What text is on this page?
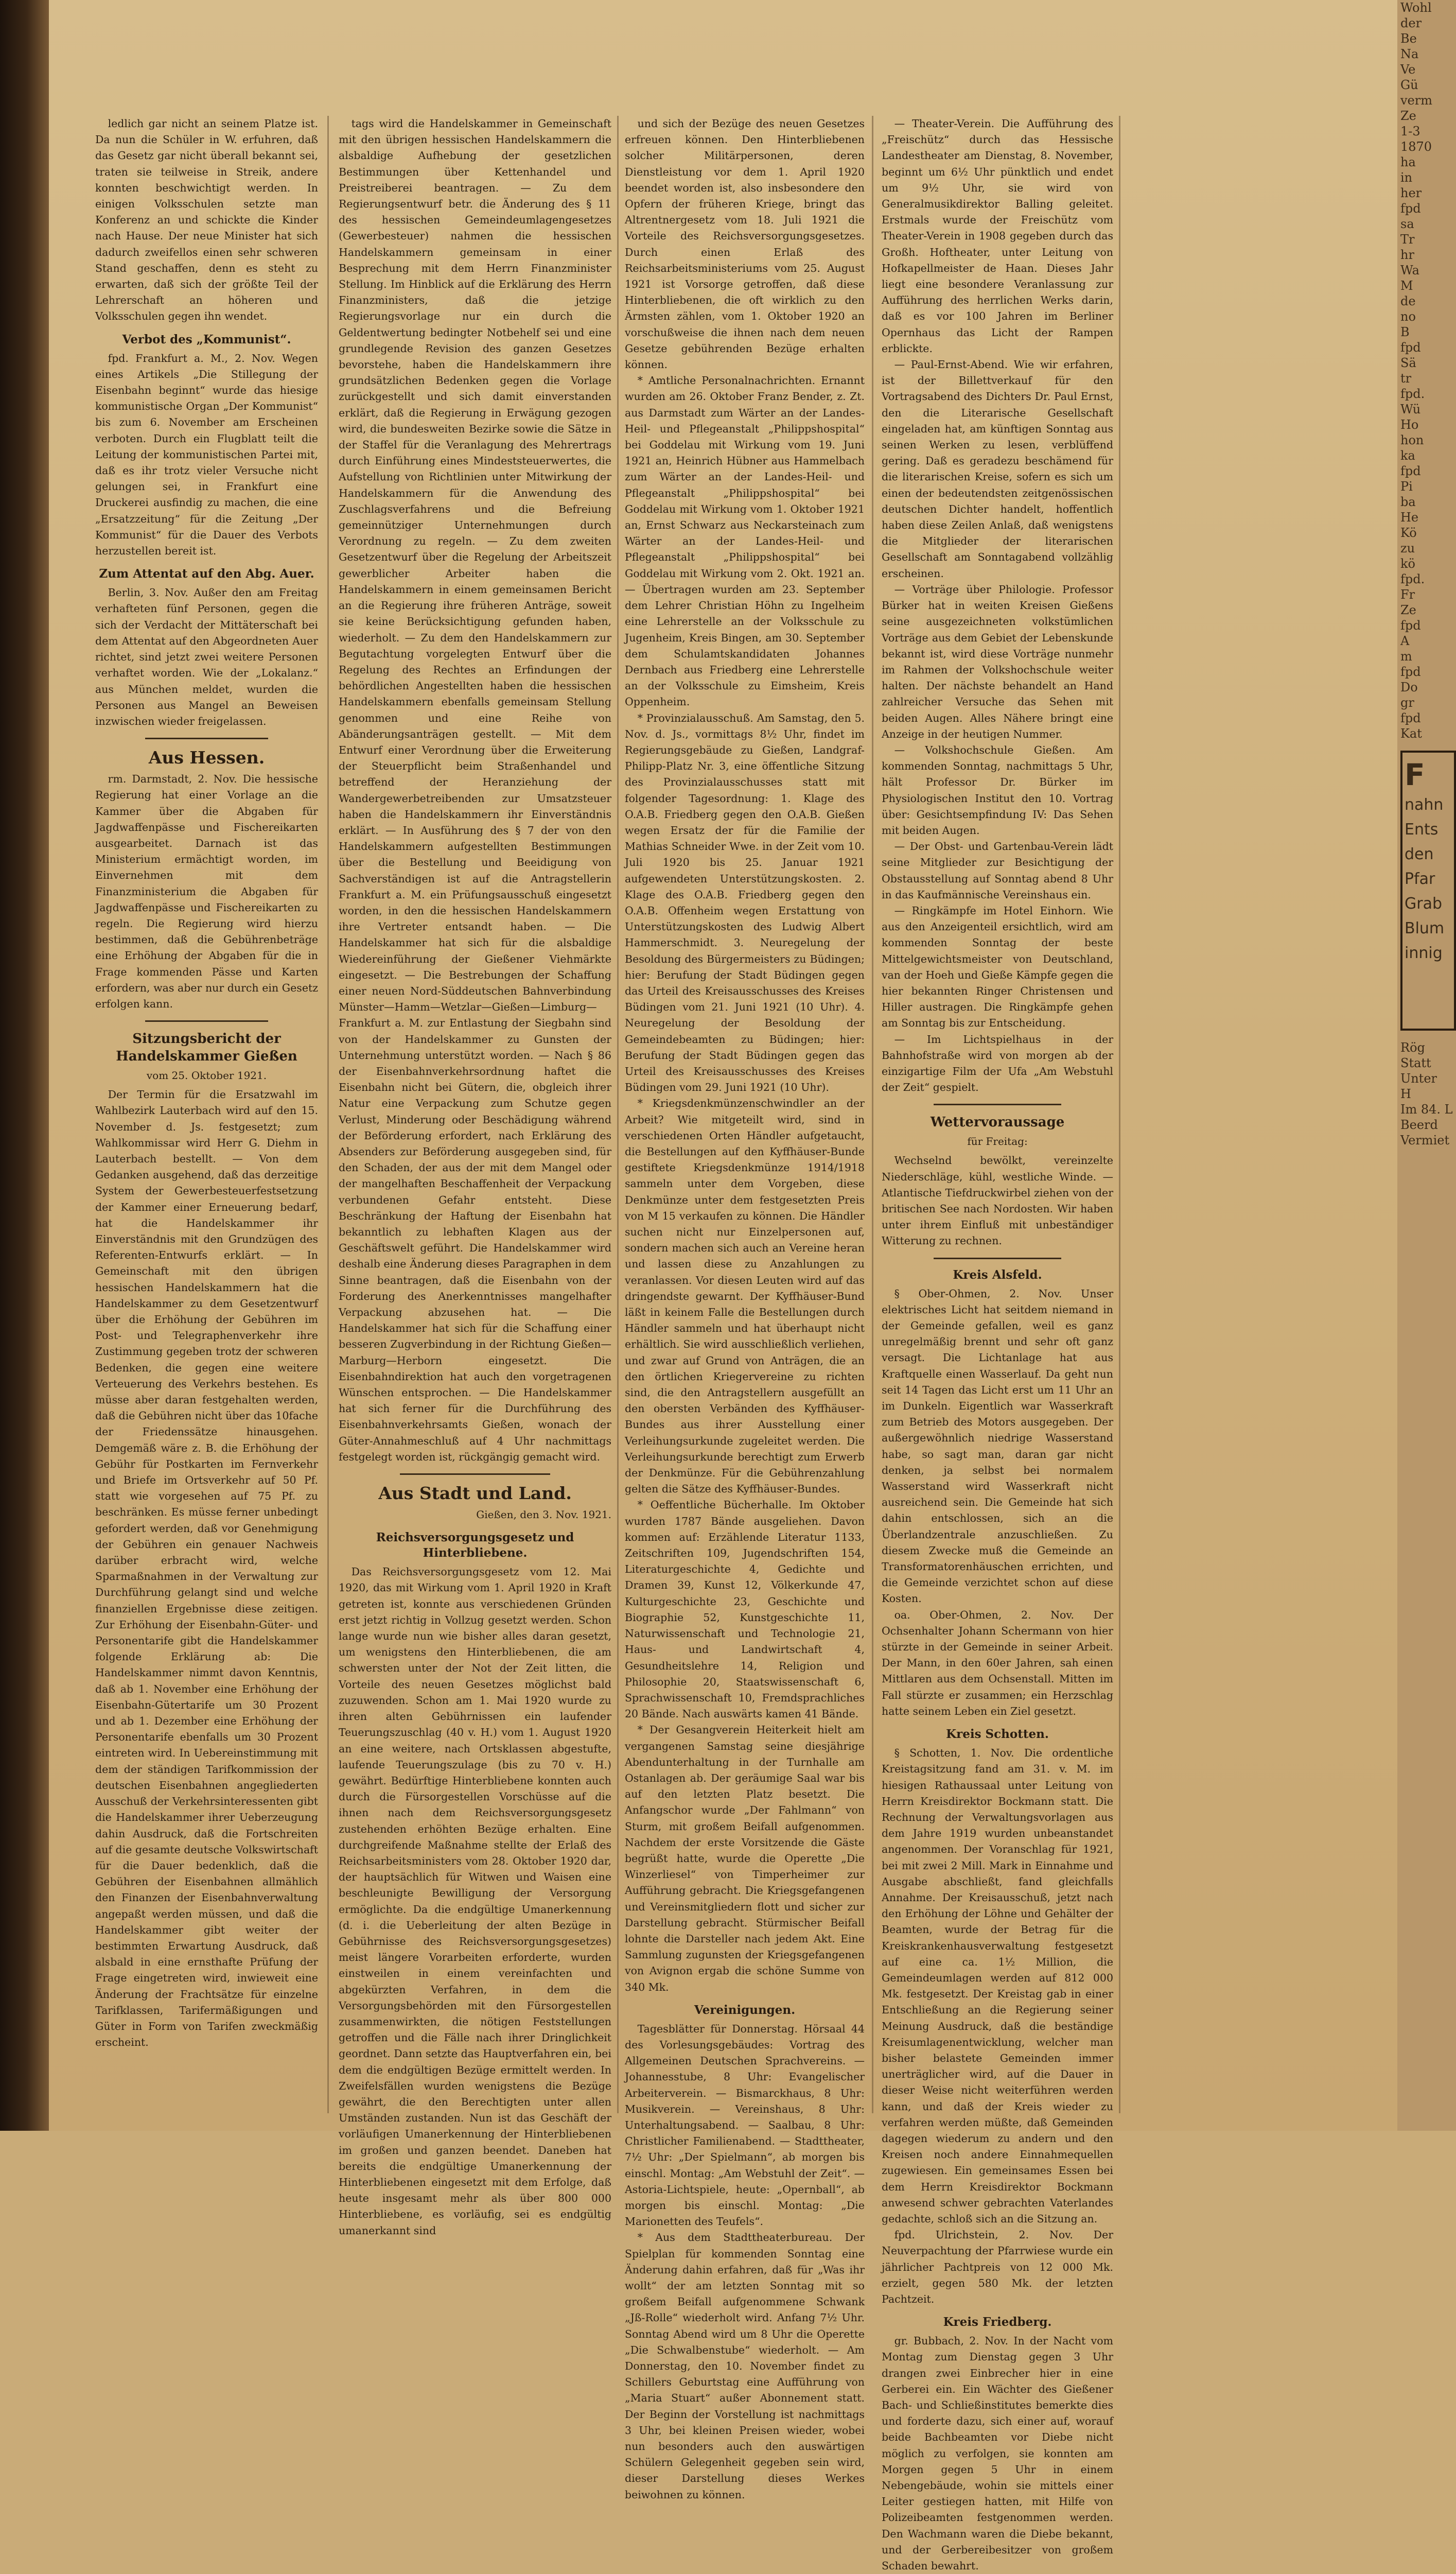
ledlich gar nicht an seinem Platze ist. Da nun die Schüler in W. erfuhren, daß das Gesetz gar nicht überall bekannt sei, traten sie teilweise in Streik, andere konnten beschwichtigt werden. In einigen Volksschulen setzte man Konferenz an und schickte die Kinder nach Hause. Der neue Minister hat sich dadurch zweifellos einen sehr schweren Stand geschaffen, denn es steht zu erwarten, daß sich der größte Teil der Lehrerschaft an höheren und Volksschulen gegen ihn wendet.

Verbot des „Kommunist“.

fpd. Frankfurt a. M., 2. Nov. Wegen eines Artikels „Die Stillegung der Eisenbahn beginnt“ wurde das hiesige kommunistische Organ „Der Kommunist“ bis zum 6. November am Erscheinen verboten. Durch ein Flugblatt teilt die Leitung der kommunistischen Partei mit, daß es ihr trotz vieler Versuche nicht gelungen sei, in Frankfurt eine Druckerei ausfindig zu machen, die eine „Ersatzzeitung“ für die Zeitung „Der Kommunist“ für die Dauer des Verbots herzustellen bereit ist.

Zum Attentat auf den Abg. Auer.

Berlin, 3. Nov. Außer den am Freitag verhafteten fünf Personen, gegen die sich der Verdacht der Mittäterschaft bei dem Attentat auf den Abgeordneten Auer richtet, sind jetzt zwei weitere Personen verhaftet worden. Wie der „Lokalanz.“ aus München meldet, wurden die Personen aus Mangel an Beweisen inzwischen wieder freigelassen.

Aus Hessen.

rm. Darmstadt, 2. Nov. Die hessische Regierung hat einer Vorlage an die Kammer über die Abgaben für Jagdwaffenpässe und Fischereikarten ausgearbeitet. Darnach ist das Ministerium ermächtigt worden, im Einvernehmen mit dem Finanzministerium die Abgaben für Jagdwaffenpässe und Fischereikarten zu regeln. Die Regierung wird hierzu bestimmen, daß die Gebührenbeträge eine Erhöhung der Abgaben für die in Frage kommenden Pässe und Karten erfordern, was aber nur durch ein Gesetz erfolgen kann.

Sitzungsbericht der Handelskammer Gießen
vom 25. Oktober 1921.

Der Termin für die Ersatzwahl im Wahlbezirk Lauterbach wird auf den 15. November d. Js. festgesetzt; zum Wahlkommissar wird Herr G. Diehm in Lauterbach bestellt. — Von dem Gedanken ausgehend, daß das derzeitige System der Gewerbesteuerfestsetzung der Kammer einer Erneuerung bedarf, hat die Handelskammer ihr Einverständnis mit den Grundzügen des Referenten-Entwurfs erklärt. — In Gemeinschaft mit den übrigen hessischen Handelskammern hat die Handelskammer zu dem Gesetzentwurf über die Erhöhung der Gebühren im Post- und Telegraphenverkehr ihre Zustimmung gegeben trotz der schweren Bedenken, die gegen eine weitere Verteuerung des Verkehrs bestehen. Es müsse aber daran festgehalten werden, daß die Gebühren nicht über das 10fache der Friedenssätze hinausgehen. Demgemäß wäre z. B. die Erhöhung der Gebühr für Postkarten im Fernverkehr und Briefe im Ortsverkehr auf 50 Pf. statt wie vorgesehen auf 75 Pf. zu beschränken. Es müsse ferner unbedingt gefordert werden, daß vor Genehmigung der Gebühren ein genauer Nachweis darüber erbracht wird, welche Sparmaßnahmen in der Verwaltung zur Durchführung gelangt sind und welche finanziellen Ergebnisse diese zeitigen. Zur Erhöhung der Eisenbahn-Güter- und Personentarife gibt die Handelskammer folgende Erklärung ab: Die Handelskammer nimmt davon Kenntnis, daß ab 1. November eine Erhöhung der Eisenbahn-Gütertarife um 30 Prozent und ab 1. Dezember eine Erhöhung der Personentarife ebenfalls um 30 Prozent eintreten wird. In Uebereinstimmung mit dem der ständigen Tarifkommission der deutschen Eisenbahnen angegliederten Ausschuß der Verkehrsinteressenten gibt die Handelskammer ihrer Ueberzeugung dahin Ausdruck, daß die Fortschreiten auf die gesamte deutsche Volkswirtschaft für die Dauer bedenklich, daß die Gebühren der Eisenbahnen allmählich den Finanzen der Eisenbahnverwaltung angepaßt werden müssen, und daß die Handelskammer gibt weiter der bestimmten Erwartung Ausdruck, daß alsbald in eine ernsthafte Prüfung der Frage eingetreten wird, inwieweit eine Änderung der Frachtsätze für einzelne Tarifklassen, Tarifermäßigungen und Güter in Form von Tarifen zweckmäßig erscheint.

tags wird die Handelskammer in Gemeinschaft mit den übrigen hessischen Handelskammern die alsbaldige Aufhebung der gesetzlichen Bestimmungen über Kettenhandel und Preistreiberei beantragen. — Zu dem Regierungsentwurf betr. die Änderung des § 11 des hessischen Gemeindeumlagengesetzes (Gewerbesteuer) nahmen die hessischen Handelskammern gemeinsam in einer Besprechung mit dem Herrn Finanzminister Stellung. Im Hinblick auf die Erklärung des Herrn Finanzministers, daß die jetzige Regierungsvorlage nur ein durch die Geldentwertung bedingter Notbehelf sei und eine grundlegende Revision des ganzen Gesetzes bevorstehe, haben die Handelskammern ihre grundsätzlichen Bedenken gegen die Vorlage zurückgestellt und sich damit einverstanden erklärt, daß die Regierung in Erwägung gezogen wird, die bundesweiten Bezirke sowie die Sätze in der Staffel für die Veranlagung des Mehrertrags durch Einführung eines Mindeststeuerwertes, die Aufstellung von Richtlinien unter Mitwirkung der Handelskammern für die Anwendung des Zuschlagsverfahrens und die Befreiung gemeinnütziger Unternehmungen durch Verordnung zu regeln. — Zu dem zweiten Gesetzentwurf über die Regelung der Arbeitszeit gewerblicher Arbeiter haben die Handelskammern in einem gemeinsamen Bericht an die Regierung ihre früheren Anträge, soweit sie keine Berücksichtigung gefunden haben, wiederholt. — Zu dem den Handelskammern zur Begutachtung vorgelegten Entwurf über die Regelung des Rechtes an Erfindungen der behördlichen Angestellten haben die hessischen Handelskammern ebenfalls gemeinsam Stellung genommen und eine Reihe von Abänderungsanträgen gestellt. — Mit dem Entwurf einer Verordnung über die Erweiterung der Steuerpflicht beim Straßenhandel und betreffend der Heranziehung der Wandergewerbetreibenden zur Umsatzsteuer haben die Handelskammern ihr Einverständnis erklärt. — In Ausführung des § 7 der von den Handelskammern aufgestellten Bestimmungen über die Bestellung und Beeidigung von Sachverständigen ist auf die Antragstellerin Frankfurt a. M. ein Prüfungsausschuß eingesetzt worden, in den die hessischen Handelskammern ihre Vertreter entsandt haben. — Die Handelskammer hat sich für die alsbaldige Wiedereinführung der Gießener Viehmärkte eingesetzt. — Die Bestrebungen der Schaffung einer neuen Nord-Süddeutschen Bahnverbindung Münster—Hamm—Wetzlar—Gießen—Limburg—Frankfurt a. M. zur Entlastung der Siegbahn sind von der Handelskammer zu Gunsten der Unternehmung unterstützt worden. — Nach § 86 der Eisenbahnverkehrsordnung haftet die Eisenbahn nicht bei Gütern, die, obgleich ihrer Natur eine Verpackung zum Schutze gegen Verlust, Minderung oder Beschädigung während der Beförderung erfordert, nach Erklärung des Absenders zur Beförderung ausgegeben sind, für den Schaden, der aus der mit dem Mangel oder der mangelhaften Beschaffenheit der Verpackung verbundenen Gefahr entsteht. Diese Beschränkung der Haftung der Eisenbahn hat bekanntlich zu lebhaften Klagen aus der Geschäftswelt geführt. Die Handelskammer wird deshalb eine Änderung dieses Paragraphen in dem Sinne beantragen, daß die Eisenbahn von der Forderung des Anerkenntnisses mangelhafter Verpackung abzusehen hat. — Die Handelskammer hat sich für die Schaffung einer besseren Zugverbindung in der Richtung Gießen—Marburg—Herborn eingesetzt. Die Eisenbahndirektion hat auch den vorgetragenen Wünschen entsprochen. — Die Handelskammer hat sich ferner für die Durchführung des Eisenbahnverkehrsamts Gießen, wonach der Güter-Annahmeschluß auf 4 Uhr nachmittags festgelegt worden ist, rückgängig gemacht wird.

Aus Stadt und Land.
Gießen, den 3. Nov. 1921.
Reichsversorgungsgesetz und Hinterbliebene.

Das Reichsversorgungsgesetz vom 12. Mai 1920, das mit Wirkung vom 1. April 1920 in Kraft getreten ist, konnte aus verschiedenen Gründen erst jetzt richtig in Vollzug gesetzt werden. Schon lange wurde nun wie bisher alles daran gesetzt, um wenigstens den Hinterbliebenen, die am schwersten unter der Not der Zeit litten, die Vorteile des neuen Gesetzes möglichst bald zuzuwenden. Schon am 1. Mai 1920 wurde zu ihren alten Gebührnissen ein laufender Teuerungszuschlag (40 v. H.) vom 1. August 1920 an eine weitere, nach Ortsklassen abgestufte, laufende Teuerungszulage (bis zu 70 v. H.) gewährt. Bedürftige Hinterbliebene konnten auch durch die Fürsorgestellen Vorschüsse auf die ihnen nach dem Reichsversorgungsgesetz zustehenden erhöhten Bezüge erhalten. Eine durchgreifende Maßnahme stellte der Erlaß des Reichsarbeitsministers vom 28. Oktober 1920 dar, der hauptsächlich für Witwen und Waisen eine beschleunigte Bewilligung der Versorgung ermöglichte. Da die endgültige Umanerkennung (d. i. die Ueberleitung der alten Bezüge in Gebührnisse des Reichsversorgungsgesetzes) meist längere Vorarbeiten erforderte, wurden einstweilen in einem vereinfachten und abgekürzten Verfahren, in dem die Versorgungsbehörden mit den Fürsorgestellen zusammenwirkten, die nötigen Feststellungen getroffen und die Fälle nach ihrer Dringlichkeit geordnet. Dann setzte das Hauptverfahren ein, bei dem die endgültigen Bezüge ermittelt werden. In Zweifelsfällen wurden wenigstens die Bezüge gewährt, die den Berechtigten unter allen Umständen zustanden. Nun ist das Geschäft der vorläufigen Umanerkennung der Hinterbliebenen im großen und ganzen beendet. Daneben hat bereits die endgültige Umanerkennung der Hinterbliebenen eingesetzt mit dem Erfolge, daß heute insgesamt mehr als über 800 000 Hinterbliebene, es vorläufig, sei es endgültig umanerkannt sind

und sich der Bezüge des neuen Gesetzes erfreuen können. Den Hinterbliebenen solcher Militärpersonen, deren Dienstleistung vor dem 1. April 1920 beendet worden ist, also insbesondere den Opfern der früheren Kriege, bringt das Altrentnergesetz vom 18. Juli 1921 die Vorteile des Reichsversorgungsgesetzes. Durch einen Erlaß des Reichsarbeitsministeriums vom 25. August 1921 ist Vorsorge getroffen, daß diese Hinterbliebenen, die oft wirklich zu den Ärmsten zählen, vom 1. Oktober 1920 an vorschußweise die ihnen nach dem neuen Gesetze gebührenden Bezüge erhalten können.

* Amtliche Personalnachrichten. Ernannt wurden am 26. Oktober Franz Bender, z. Zt. aus Darmstadt zum Wärter an der Landes-Heil- und Pflegeanstalt „Philippshospital“ bei Goddelau mit Wirkung vom 19. Juni 1921 an, Heinrich Hübner aus Hammelbach zum Wärter an der Landes-Heil- und Pflegeanstalt „Philippshospital“ bei Goddelau mit Wirkung vom 1. Oktober 1921 an, Ernst Schwarz aus Neckarsteinach zum Wärter an der Landes-Heil- und Pflegeanstalt „Philippshospital“ bei Goddelau mit Wirkung vom 2. Okt. 1921 an. — Übertragen wurden am 23. September dem Lehrer Christian Höhn zu Ingelheim eine Lehrerstelle an der Volksschule zu Jugenheim, Kreis Bingen, am 30. September dem Schulamtskandidaten Johannes Dernbach aus Friedberg eine Lehrerstelle an der Volksschule zu Eimsheim, Kreis Oppenheim.

* Provinzialausschuß. Am Samstag, den 5. Nov. d. Js., vormittags 8½ Uhr, findet im Regierungsgebäude zu Gießen, Landgraf-Philipp-Platz Nr. 3, eine öffentliche Sitzung des Provinzialausschusses statt mit folgender Tagesordnung: 1. Klage des O.A.B. Friedberg gegen den O.A.B. Gießen wegen Ersatz der für die Familie der Mathias Schneider Wwe. in der Zeit vom 10. Juli 1920 bis 25. Januar 1921 aufgewendeten Unterstützungskosten. 2. Klage des O.A.B. Friedberg gegen den O.A.B. Offenheim wegen Erstattung von Unterstützungskosten des Ludwig Albert Hammerschmidt. 3. Neuregelung der Besoldung des Bürgermeisters zu Büdingen; hier: Berufung der Stadt Büdingen gegen das Urteil des Kreisausschusses des Kreises Büdingen vom 21. Juni 1921 (10 Uhr). 4. Neuregelung der Besoldung der Gemeindebeamten zu Büdingen; hier: Berufung der Stadt Büdingen gegen das Urteil des Kreisausschusses des Kreises Büdingen vom 29. Juni 1921 (10 Uhr).

* Kriegsdenkmünzenschwindler an der Arbeit? Wie mitgeteilt wird, sind in verschiedenen Orten Händler aufgetaucht, die Bestellungen auf den Kyffhäuser-Bunde gestiftete Kriegsdenkmünze 1914/1918 sammeln unter dem Vorgeben, diese Denkmünze unter dem festgesetzten Preis von M 15 verkaufen zu können. Die Händler suchen nicht nur Einzelpersonen auf, sondern machen sich auch an Vereine heran und lassen diese zu Anzahlungen zu veranlassen. Vor diesen Leuten wird auf das dringendste gewarnt. Der Kyffhäuser-Bund läßt in keinem Falle die Bestellungen durch Händler sammeln und hat überhaupt nicht erhältlich. Sie wird ausschließlich verliehen, und zwar auf Grund von Anträgen, die an den örtlichen Kriegervereine zu richten sind, die den Antragstellern ausgefüllt an den obersten Verbänden des Kyffhäuser-Bundes aus ihrer Ausstellung einer Verleihungsurkunde zugeleitet werden. Die Verleihungsurkunde berechtigt zum Erwerb der Denkmünze. Für die Gebührenzahlung gelten die Sätze des Kyffhäuser-Bundes.

* Oeffentliche Bücherhalle. Im Oktober wurden 1787 Bände ausgeliehen. Davon kommen auf: Erzählende Literatur 1133, Zeitschriften 109, Jugendschriften 154, Literaturgeschichte 4, Gedichte und Dramen 39, Kunst 12, Völkerkunde 47, Kulturgeschichte 23, Geschichte und Biographie 52, Kunstgeschichte 11, Naturwissenschaft und Technologie 21, Haus- und Landwirtschaft 4, Gesundheitslehre 14, Religion und Philosophie 20, Staatswissenschaft 6, Sprachwissenschaft 10, Fremdsprachliches 20 Bände. Nach auswärts kamen 41 Bände.

* Der Gesangverein Heiterkeit hielt am vergangenen Samstag seine diesjährige Abendunterhaltung in der Turnhalle am Ostanlagen ab. Der geräumige Saal war bis auf den letzten Platz besetzt. Die Anfangschor wurde „Der Fahlmann“ von Sturm, mit großem Beifall aufgenommen. Nachdem der erste Vorsitzende die Gäste begrüßt hatte, wurde die Operette „Die Winzerliesel“ von Timperheimer zur Aufführung gebracht. Die Kriegsgefangenen und Vereinsmitgliedern flott und sicher zur Darstellung gebracht. Stürmischer Beifall lohnte die Darsteller nach jedem Akt. Eine Sammlung zugunsten der Kriegsgefangenen von Avignon ergab die schöne Summe von 340 Mk.

Vereinigungen.

Tagesblätter für Donnerstag. Hörsaal 44 des Vorlesungsgebäudes: Vortrag des Allgemeinen Deutschen Sprachvereins. — Johannesstube, 8 Uhr: Evangelischer Arbeiterverein. — Bismarckhaus, 8 Uhr: Musikverein. — Vereinshaus, 8 Uhr: Unterhaltungsabend. — Saalbau, 8 Uhr: Christlicher Familienabend. — Stadttheater, 7½ Uhr: „Der Spielmann“, ab morgen bis einschl. Montag: „Am Webstuhl der Zeit“. — Astoria-Lichtspiele, heute: „Opernball“, ab morgen bis einschl. Montag: „Die Marionetten des Teufels“.

* Aus dem Stadttheaterbureau. Der Spielplan für kommenden Sonntag eine Änderung dahin erfahren, daß für „Was ihr wollt“ der am letzten Sonntag mit so großem Beifall aufgenommene Schwank „Jß-Rolle“ wiederholt wird. Anfang 7½ Uhr. Sonntag Abend wird um 8 Uhr die Operette „Die Schwalbenstube“ wiederholt. — Am Donnerstag, den 10. November findet zu Schillers Geburtstag eine Aufführung von „Maria Stuart“ außer Abonnement statt. Der Beginn der Vorstellung ist nachmittags 3 Uhr, bei kleinen Preisen wieder, wobei nun besonders auch den auswärtigen Schülern Gelegenheit gegeben sein wird, dieser Darstellung dieses Werkes beiwohnen zu können.

— Theater-Verein. Die Aufführung des „Freischütz“ durch das Hessische Landestheater am Dienstag, 8. November, beginnt um 6½ Uhr pünktlich und endet um 9½ Uhr, sie wird von Generalmusikdirektor Balling geleitet. Erstmals wurde der Freischütz vom Theater-Verein in 1908 gegeben durch das Großh. Hoftheater, unter Leitung von Hofkapellmeister de Haan. Dieses Jahr liegt eine besondere Veranlassung zur Aufführung des herrlichen Werks darin, daß es vor 100 Jahren im Berliner Opernhaus das Licht der Rampen erblickte.

— Paul-Ernst-Abend. Wie wir erfahren, ist der Billettverkauf für den Vortragsabend des Dichters Dr. Paul Ernst, den die Literarische Gesellschaft eingeladen hat, am künftigen Sonntag aus seinen Werken zu lesen, verblüffend gering. Daß es geradezu beschämend für die literarischen Kreise, sofern es sich um einen der bedeutendsten zeitgenössischen deutschen Dichter handelt, hoffentlich haben diese Zeilen Anlaß, daß wenigstens die Mitglieder der literarischen Gesellschaft am Sonntagabend vollzählig erscheinen.

— Vorträge über Philologie. Professor Bürker hat in weiten Kreisen Gießens seine ausgezeichneten volkstümlichen Vorträge aus dem Gebiet der Lebenskunde bekannt ist, wird diese Vorträge nunmehr im Rahmen der Volkshochschule weiter halten. Der nächste behandelt an Hand zahlreicher Versuche das Sehen mit beiden Augen. Alles Nähere bringt eine Anzeige in der heutigen Nummer.

— Volkshochschule Gießen. Am kommenden Sonntag, nachmittags 5 Uhr, hält Professor Dr. Bürker im Physiologischen Institut den 10. Vortrag über: Gesichtsempfindung IV: Das Sehen mit beiden Augen.

— Der Obst- und Gartenbau-Verein lädt seine Mitglieder zur Besichtigung der Obstausstellung auf Sonntag abend 8 Uhr in das Kaufmännische Vereinshaus ein.

— Ringkämpfe im Hotel Einhorn. Wie aus den Anzeigenteil ersichtlich, wird am kommenden Sonntag der beste Mittelgewichtsmeister von Deutschland, van der Hoeh und Gieße Kämpfe gegen die hier bekannten Ringer Christensen und Hiller austragen. Die Ringkämpfe gehen am Sonntag bis zur Entscheidung.

— Im Lichtspielhaus in der Bahnhofstraße wird von morgen ab der einzigartige Film der Ufa „Am Webstuhl der Zeit“ gespielt.

Wettervoraussage
für Freitag:

Wechselnd bewölkt, vereinzelte Niederschläge, kühl, westliche Winde. — Atlantische Tiefdruckwirbel ziehen von der britischen See nach Nordosten. Wir haben unter ihrem Einfluß mit unbeständiger Witterung zu rechnen.

Kreis Alsfeld.

§ Ober-Ohmen, 2. Nov. Unser elektrisches Licht hat seitdem niemand in der Gemeinde gefallen, weil es ganz unregelmäßig brennt und sehr oft ganz versagt. Die Lichtanlage hat aus Kraftquelle einen Wasserlauf. Da geht nun seit 14 Tagen das Licht erst um 11 Uhr an im Dunkeln. Eigentlich war Wasserkraft zum Betrieb des Motors ausgegeben. Der außergewöhnlich niedrige Wasserstand habe, so sagt man, daran gar nicht denken, ja selbst bei normalem Wasserstand wird Wasserkraft nicht ausreichend sein. Die Gemeinde hat sich dahin entschlossen, sich an die Überlandzentrale anzuschließen. Zu diesem Zwecke muß die Gemeinde an Transformatorenhäuschen errichten, und die Gemeinde verzichtet schon auf diese Kosten.

oa. Ober-Ohmen, 2. Nov. Der Ochsenhalter Johann Schermann von hier stürzte in der Gemeinde in seiner Arbeit. Der Mann, in den 60er Jahren, sah einen Mittlaren aus dem Ochsenstall. Mitten im Fall stürzte er zusammen; ein Herzschlag hatte seinem Leben ein Ziel gesetzt.

Kreis Schotten.

§ Schotten, 1. Nov. Die ordentliche Kreistagsitzung fand am 31. v. M. im hiesigen Rathaussaal unter Leitung von Herrn Kreisdirektor Bockmann statt. Die Rechnung der Verwaltungsvorlagen aus dem Jahre 1919 wurden unbeanstandet angenommen. Der Voranschlag für 1921, bei mit zwei 2 Mill. Mark in Einnahme und Ausgabe abschließt, fand gleichfalls Annahme. Der Kreisausschuß, jetzt nach den Erhöhung der Löhne und Gehälter der Beamten, wurde der Betrag für die Kreiskrankenhausverwaltung festgesetzt auf eine ca. 1½ Million, die Gemeindeumlagen werden auf 812 000 Mk. festgesetzt. Der Kreistag gab in einer Entschließung an die Regierung seiner Meinung Ausdruck, daß die beständige Kreisumlagenentwicklung, welcher man bisher belastete Gemeinden immer unerträglicher wird, auf die Dauer in dieser Weise nicht weiterführen werden kann, und daß der Kreis wieder zu verfahren werden müßte, daß Gemeinden dagegen wiederum zu andern und den Kreisen noch andere Einnahmequellen zugewiesen. Ein gemeinsames Essen bei dem Herrn Kreisdirektor Bockmann anwesend schwer gebrachten Vaterlandes gedachte, schloß sich an die Sitzung an.

fpd. Ulrichstein, 2. Nov. Der Neuverpachtung der Pfarrwiese wurde ein jährlicher Pachtpreis von 12 000 Mk. erzielt, gegen 580 Mk. der letzten Pachtzeit.

Kreis Friedberg.

gr. Bubbach, 2. Nov. In der Nacht vom Montag zum Dienstag gegen 3 Uhr drangen zwei Einbrecher hier in eine Gerberei ein. Ein Wächter des Gießener Bach- und Schließinstitutes bemerkte dies und forderte dazu, sich einer auf, worauf beide Bachbeamten vor Diebe nicht möglich zu verfolgen, sie konnten am Morgen gegen 5 Uhr in einem Nebengebäude, wohin sie mittels einer Leiter gestiegen hatten, mit Hilfe von Polizeibeamten festgenommen werden. Den Wachmann waren die Diebe bekannt, und der Gerbereibesitzer von großem Schaden bewahrt.

Wohl

der

Be

Na

Ve

Gü

verm

Ze

1-3

1870

ha

in

her

fpd

sa

Tr

hr

Wa

M

de

no

B

fpd

Sä

tr

fpd.

Wü

Ho

hon

ka

fpd

Pi

ba

He

Kö

zu

kö

fpd.

Fr

Ze

fpd

A

m

fpd

Do

gr

fpd

Kat

F
nahn
Ents
den
Pfar
Grab
Blum
innig

Rög

Statt

Unter

H

Im 84. L

Beerd

Vermiet
